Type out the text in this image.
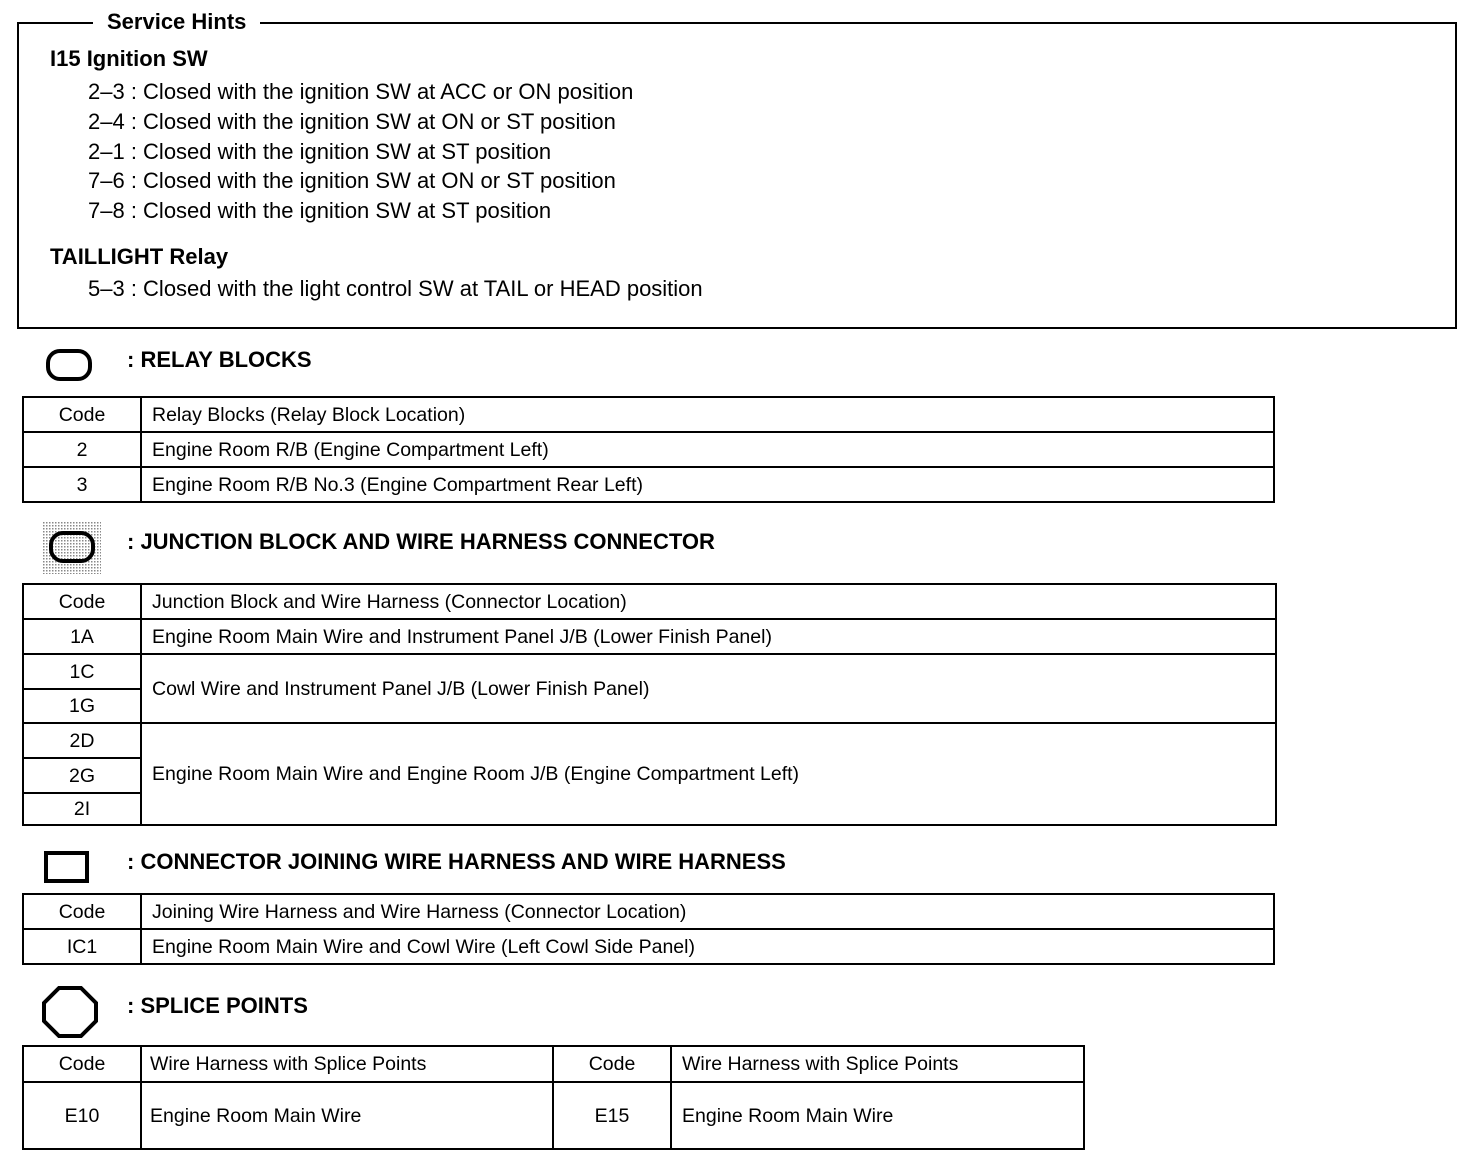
Service Hints
I15 Ignition SW
2–3 : Closed with the ignition SW at ACC or ON position
2–4 : Closed with the ignition SW at ON or ST position
2–1 : Closed with the ignition SW at ST position
7–6 : Closed with the ignition SW at ON or ST position
7–8 : Closed with the ignition SW at ST position
TAILLIGHT Relay
5–3 : Closed with the light control SW at TAIL or HEAD position
: RELAY BLOCKS
Code	Relay Blocks (Relay Block Location)
2	Engine Room R/B (Engine Compartment Left)
3	Engine Room R/B No.3 (Engine Compartment Rear Left)
: JUNCTION BLOCK AND WIRE HARNESS CONNECTOR
Code	Junction Block and Wire Harness (Connector Location)
1A	Engine Room Main Wire and Instrument Panel J/B (Lower Finish Panel)
1C	Cowl Wire and Instrument Panel J/B (Lower Finish Panel)
1G	
2D	Engine Room Main Wire and Engine Room J/B (Engine Compartment Left)
2G	
2I	
: CONNECTOR JOINING WIRE HARNESS AND WIRE HARNESS
Code	Joining Wire Harness and Wire Harness (Connector Location)
IC1	Engine Room Main Wire and Cowl Wire (Left Cowl Side Panel)
: SPLICE POINTS
Code	Wire Harness with Splice Points	Code	Wire Harness with Splice Points
E10	Engine Room Main Wire	E15	Engine Room Main Wire
